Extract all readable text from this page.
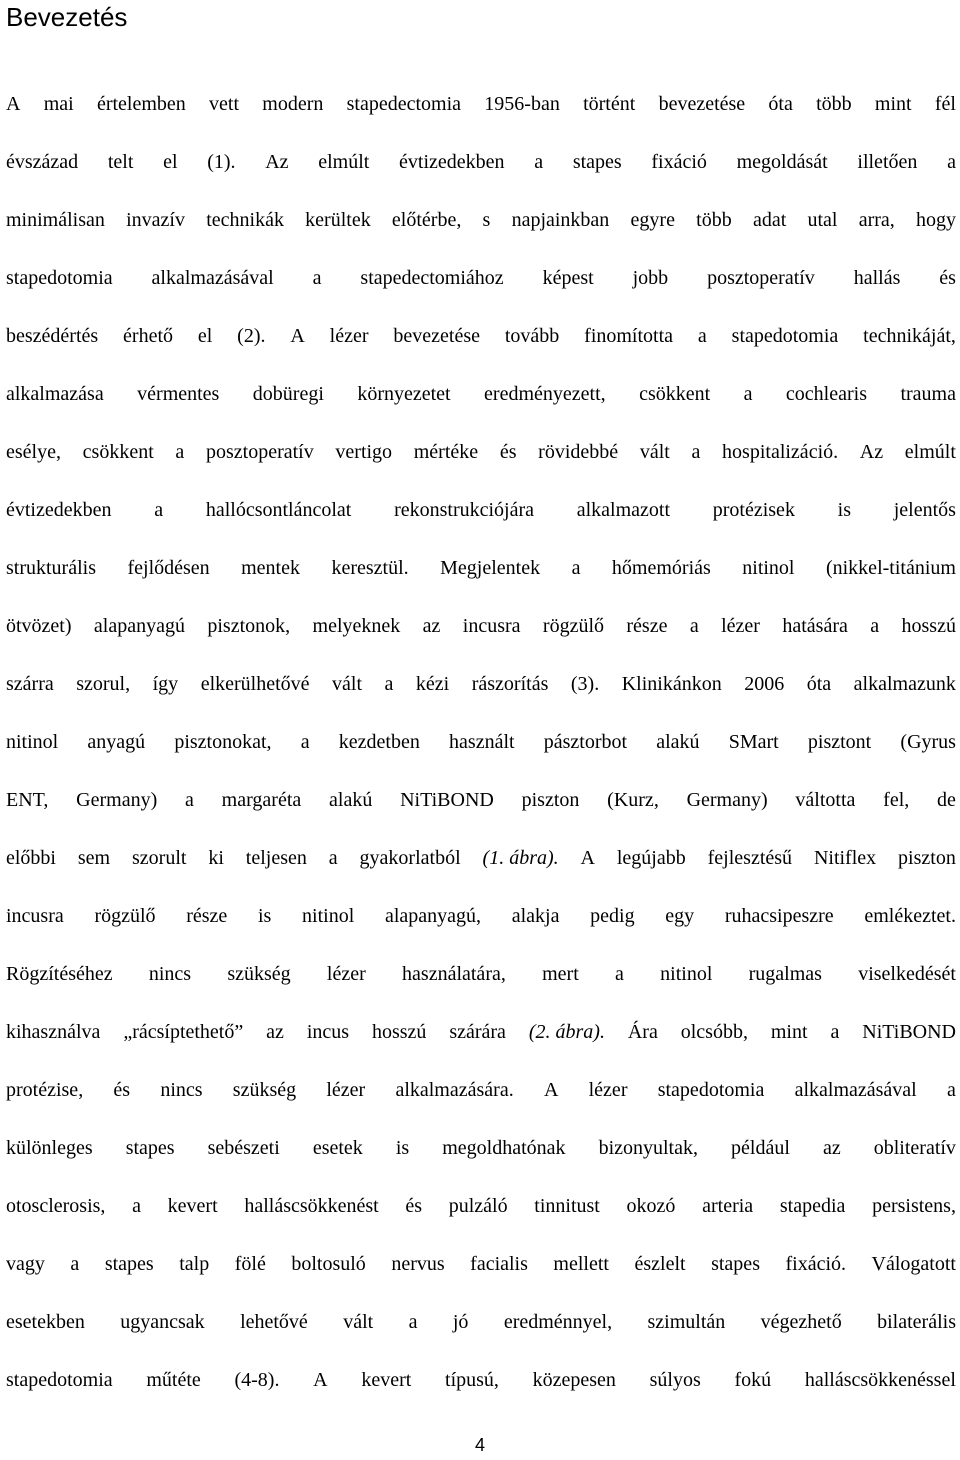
Bevezetés
A mai értelemben vett modern stapedectomia 1956-ban történt bevezetése óta több mint fél
évszázad telt el (1). Az elmúlt évtizedekben a stapes fixáció megoldását illetően a
minimálisan invazív technikák kerültek előtérbe, s napjainkban egyre több adat utal arra, hogy
stapedotomia alkalmazásával a stapedectomiához képest jobb posztoperatív hallás és
beszédértés érhető el (2). A lézer bevezetése tovább finomította a stapedotomia technikáját,
alkalmazása vérmentes dobüregi környezetet eredményezett, csökkent a cochlearis trauma
esélye, csökkent a posztoperatív vertigo mértéke és rövidebbé vált a hospitalizáció. Az elmúlt
évtizedekben a hallócsontláncolat rekonstrukciójára alkalmazott protézisek is jelentős
strukturális fejlődésen mentek keresztül. Megjelentek a hőmemóriás nitinol (nikkel-titánium
ötvözet) alapanyagú pisztonok, melyeknek az incusra rögzülő része a lézer hatására a hosszú
szárra szorul, így elkerülhetővé vált a kézi rászorítás (3). Klinikánkon 2006 óta alkalmazunk
nitinol anyagú pisztonokat, a kezdetben használt pásztorbot alakú SMart pisztont (Gyrus
ENT, Germany) a margaréta alakú NiTiBOND piszton (Kurz, Germany) váltotta fel, de
előbbi sem szorult ki teljesen a gyakorlatból (1. ábra). A legújabb fejlesztésű Nitiflex piszton
incusra rögzülő része is nitinol alapanyagú, alakja pedig egy ruhacsipeszre emlékeztet.
Rögzítéséhez nincs szükség lézer használatára, mert a nitinol rugalmas viselkedését
kihasználva „rácsíptethető” az incus hosszú szárára (2. ábra). Ára olcsóbb, mint a NiTiBOND
protézise, és nincs szükség lézer alkalmazására. A lézer stapedotomia alkalmazásával a
különleges stapes sebészeti esetek is megoldhatónak bizonyultak, például az obliteratív
otosclerosis, a kevert halláscsökkenést és pulzáló tinnitust okozó arteria stapedia persistens,
vagy a stapes talp fölé boltosuló nervus facialis mellett észlelt stapes fixáció. Válogatott
esetekben ugyancsak lehetővé vált a jó eredménnyel, szimultán végezhető bilaterális
stapedotomia műtéte (4-8). A kevert típusú, közepesen súlyos fokú halláscsökkenéssel
4
